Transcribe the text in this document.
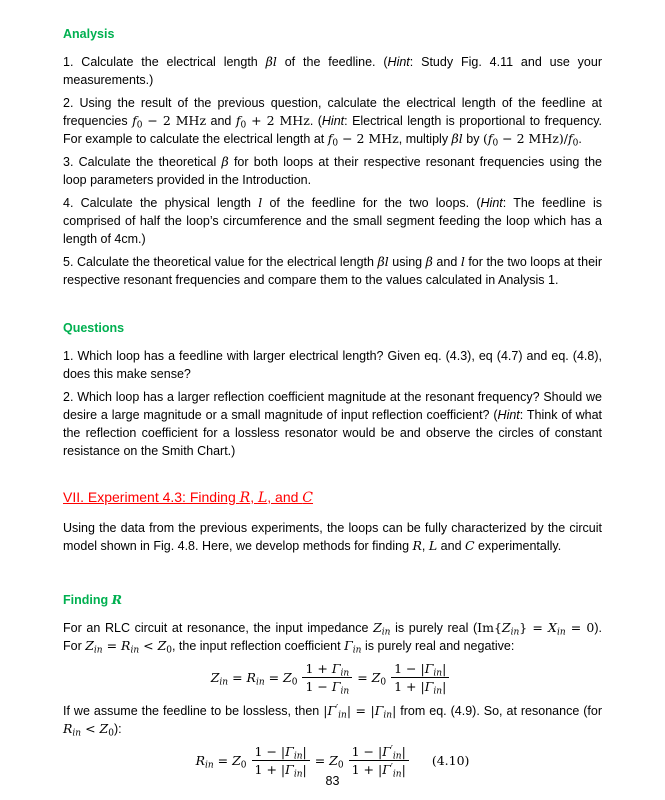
Analysis

1. Calculate the electrical length βl of the feedline. (Hint: Study Fig. 4.11 and use your measurements.)

2. Using the result of the previous question, calculate the electrical length of the feedline at frequencies $f_0 - 2$ MHz and $f_0 + 2$ MHz. (Hint: Electrical length is proportional to frequency. For example to calculate the electrical length at $f_0 - 2$ MHz, multiply βl by ($f_0 - 2$ $MHz)/f_0$.

3. Calculate the theoretical β for both loops at their respective resonant frequencies using the loop parameters provided in the Introduction.

4. Calculate the physical length l of the feedline for the two loops. (Hint: The feedline is comprised of half the loop’s circumference and the small segment feeding the loop which has a length of 4cm.)

5. Calculate the theoretical value for the electrical length βl using β and l for the two loops at their respective resonant frequencies and compare them to the values calculated in Analysis 1.

Questions

1. Which loop has a feedline with larger electrical length? Given eq. (4.3), eq (4.7) and eq. (4.8), does this make sense?

2. Which loop has a larger reflection coefficient magnitude at the resonant frequency? Should we desire a large magnitude or a small magnitude of input reflection coefficient? (Hint: Think of what the reflection coefficient for a lossless resonator would be and observe the circles of constant resistance on the Smith Chart.)

VII. Experiment 4.3: Finding R, L, and C

Using the data from the previous experiments, the loops can be fully characterized by the circuit model shown in Fig. 4.8. Here, we develop methods for finding R, L and C experimentally.

Finding R

For an RLC circuit at resonance, the input impedance $Z_{in}$ is purely real $(Im\{Z_{in}\} = X_{in} = 0)$. For $Z_{in} = R_{in} < Z_0$, the input reflection coefficient $\Gamma_{in}$ is purely real and negative:

$Z_{in} = R_{in} = Z_0 \frac{1 + \Gamma_{in}}{1 - \Gamma_{in}} = Z_0 \frac{1 - |\Gamma_{in}|}{1 + |\Gamma_{in}|}$

If we assume the feedline to be lossless, then $|\Gamma'_{in}| = |\Gamma_{in}|$ from eq. (4.9). So, at resonance (for $R_{in} < Z_0$):

$R_{in} = Z_0 \frac{1 - |\Gamma_{in}|}{1 + |\Gamma_{in}|} = Z_0 \frac{1 - |\Gamma'_{in}|}{1 + |\Gamma'_{in}|} (4.10)$
83
